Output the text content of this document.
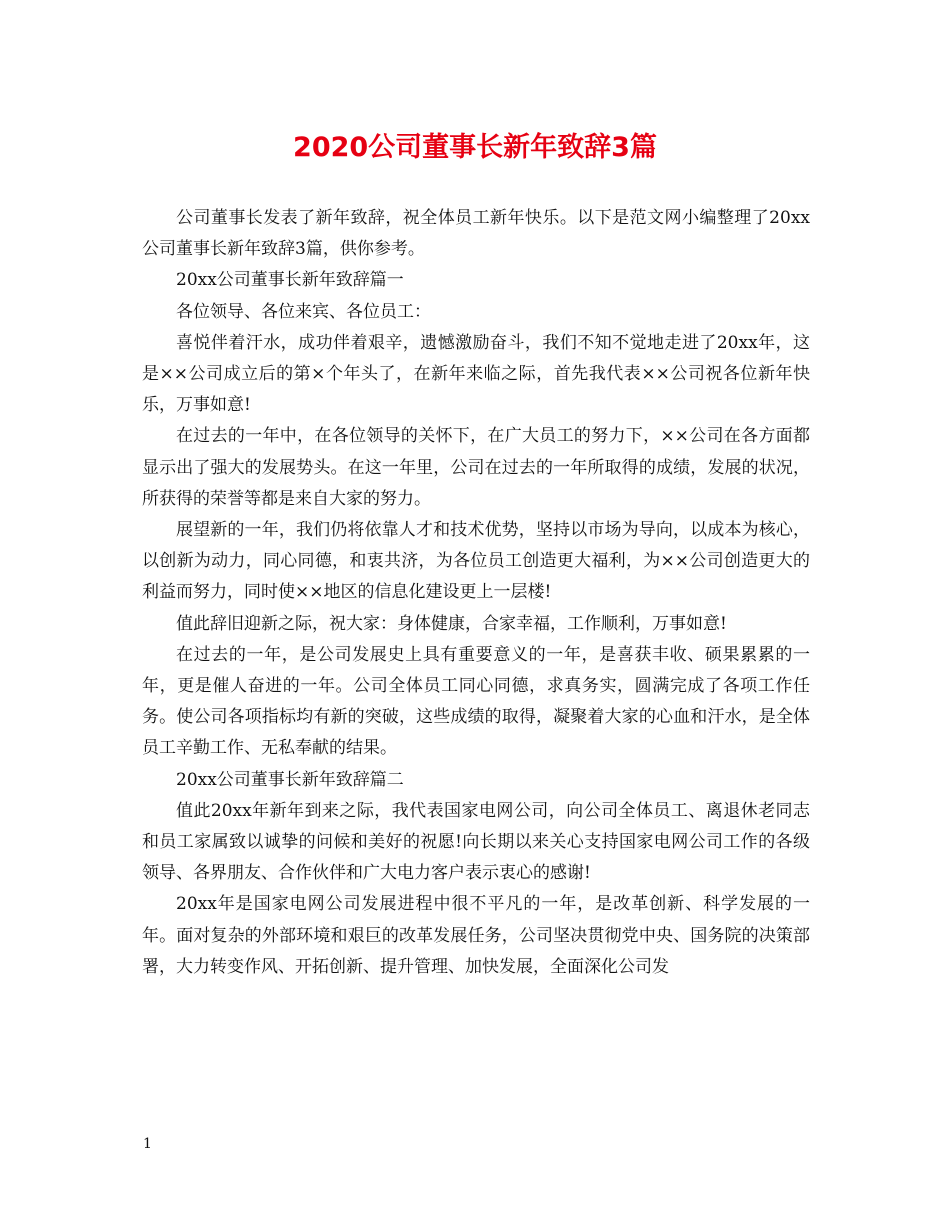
2020公司董事长新年致辞3篇

公司董事长发表了新年致辞，祝全体员工新年快乐。以下是范文网小编整理了20xx公司董事长新年致辞3篇，供你参考。

20xx公司董事长新年致辞篇一

各位领导、各位来宾、各位员工：

喜悦伴着汗水，成功伴着艰辛，遗憾激励奋斗，我们不知不觉地走进了20xx年，这是××公司成立后的第×个年头了，在新年来临之际，首先我代表××公司祝各位新年快乐，万事如意!

在过去的一年中，在各位领导的关怀下，在广大员工的努力下，××公司在各方面都显示出了强大的发展势头。在这一年里，公司在过去的一年所取得的成绩，发展的状况，所获得的荣誉等都是来自大家的努力。

展望新的一年，我们仍将依靠人才和技术优势，坚持以市场为导向，以成本为核心，以创新为动力，同心同德，和衷共济，为各位员工创造更大福利，为××公司创造更大的利益而努力，同时使××地区的信息化建设更上一层楼!

值此辞旧迎新之际，祝大家：身体健康，合家幸福，工作顺利，万事如意!

在过去的一年，是公司发展史上具有重要意义的一年，是喜获丰收、硕果累累的一年，更是催人奋进的一年。公司全体员工同心同德，求真务实，圆满完成了各项工作任务。使公司各项指标均有新的突破，这些成绩的取得，凝聚着大家的心血和汗水，是全体员工辛勤工作、无私奉献的结果。

20xx公司董事长新年致辞篇二

值此20xx年新年到来之际，我代表国家电网公司，向公司全体员工、离退休老同志和员工家属致以诚挚的问候和美好的祝愿!向长期以来关心支持国家电网公司工作的各级领导、各界朋友、合作伙伴和广大电力客户表示衷心的感谢!

20xx年是国家电网公司发展进程中很不平凡的一年，是改革创新、科学发展的一年。面对复杂的外部环境和艰巨的改革发展任务，公司坚决贯彻党中央、国务院的决策部署，大力转变作风、开拓创新、提升管理、加快发展，全面深化公司发

1
